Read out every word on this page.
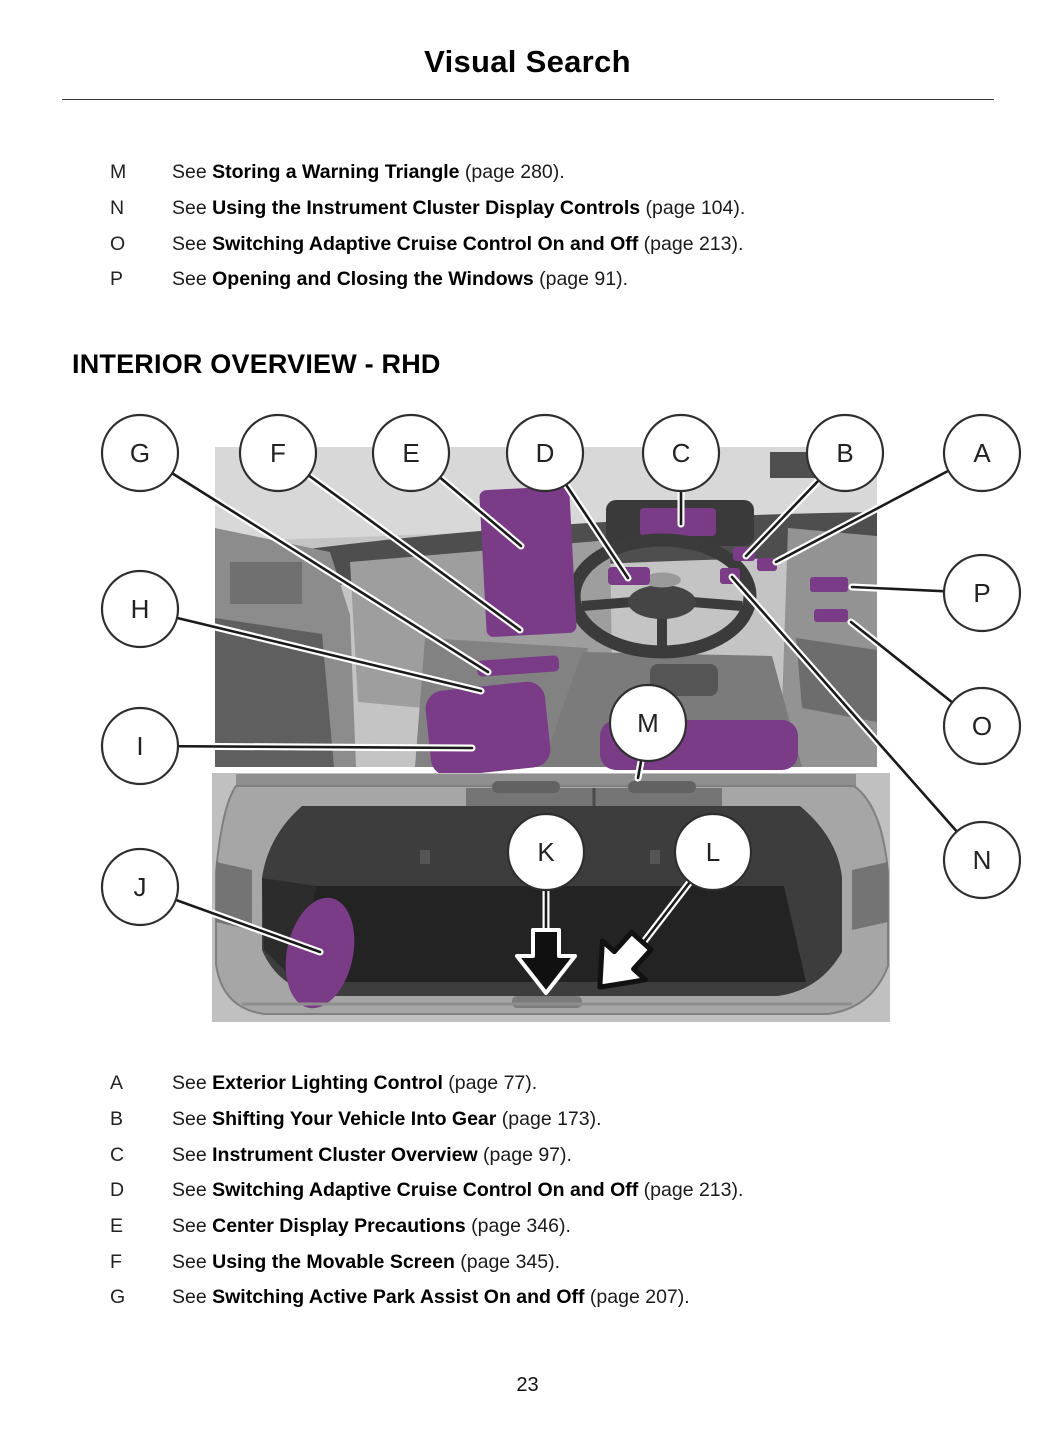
Visual Search
M	See Storing a Warning Triangle (page 280).
N	See Using the Instrument Cluster Display Controls (page 104).
O	See Switching Adaptive Cruise Control On and Off (page 213).
P	See Opening and Closing the Windows (page 91).
INTERIOR OVERVIEW - RHD
G	F	E	D	C	B	A
H
I
J
P
O
N
M
K	L
A	See Exterior Lighting Control (page 77).
B	See Shifting Your Vehicle Into Gear (page 173).
C	See Instrument Cluster Overview (page 97).
D	See Switching Adaptive Cruise Control On and Off (page 213).
E	See Center Display Precautions (page 346).
F	See Using the Movable Screen (page 345).
G	See Switching Active Park Assist On and Off (page 207).
23
